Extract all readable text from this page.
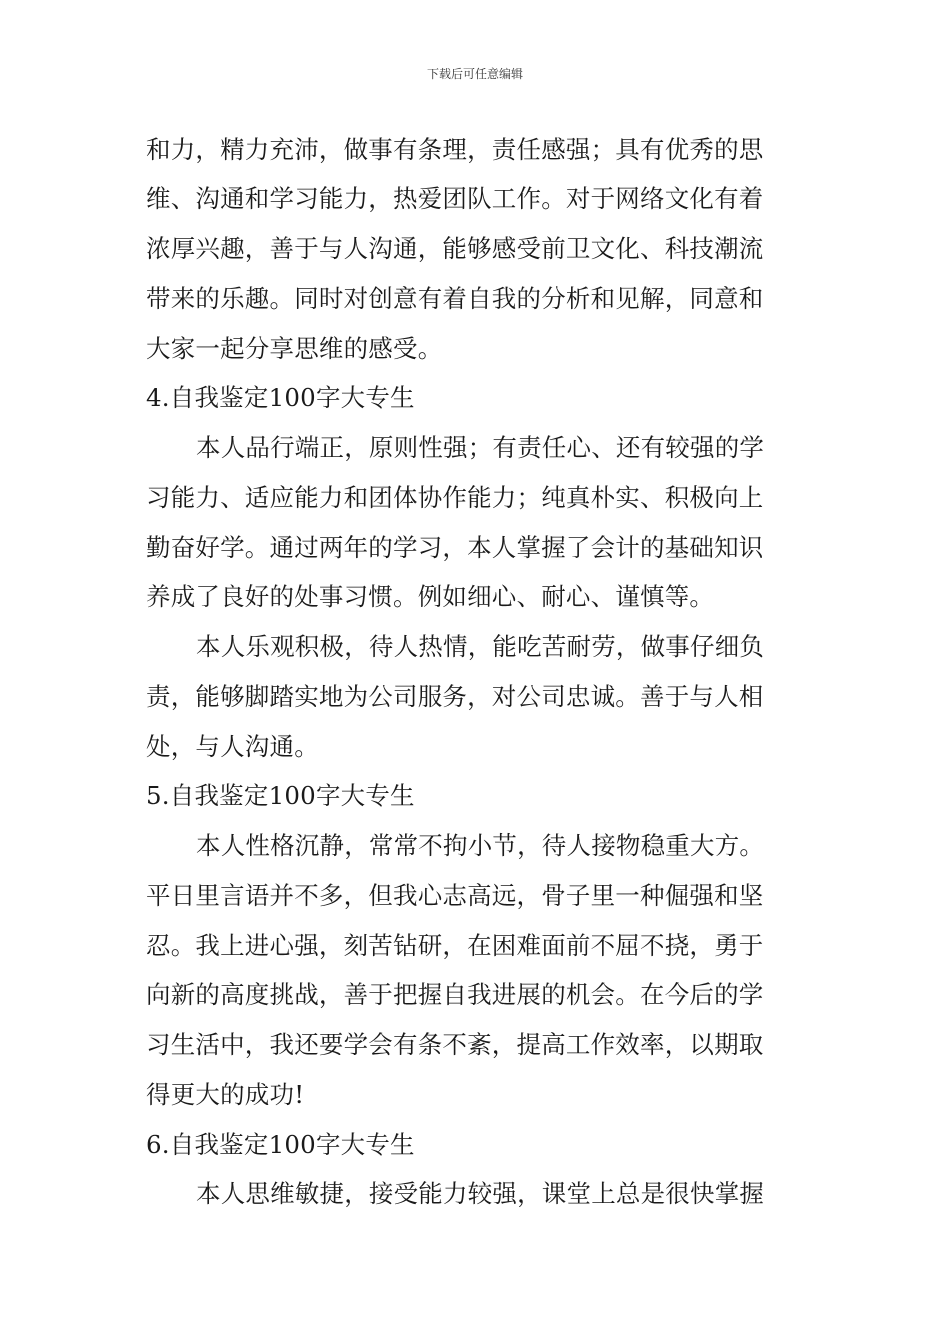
下载后可任意编辑
和力，精力充沛，做事有条理，责任感强；具有优秀的思
维、沟通和学习能力，热爱团队工作。对于网络文化有着
浓厚兴趣，善于与人沟通，能够感受前卫文化、科技潮流
带来的乐趣。同时对创意有着自我的分析和见解，同意和
大家一起分享思维的感受。
4.自我鉴定100字大专生
本人品行端正，原则性强；有责任心、还有较强的学
习能力、适应能力和团体协作能力；纯真朴实、积极向上
勤奋好学。通过两年的学习，本人掌握了会计的基础知识
养成了良好的处事习惯。例如细心、耐心、谨慎等。
本人乐观积极，待人热情，能吃苦耐劳，做事仔细负
责，能够脚踏实地为公司服务，对公司忠诚。善于与人相
处，与人沟通。
5.自我鉴定100字大专生
本人性格沉静，常常不拘小节，待人接物稳重大方。
平日里言语并不多，但我心志高远，骨子里一种倔强和坚
忍。我上进心强，刻苦钻研，在困难面前不屈不挠，勇于
向新的高度挑战，善于把握自我进展的机会。在今后的学
习生活中，我还要学会有条不紊，提高工作效率，以期取
得更大的成功!
6.自我鉴定100字大专生
本人思维敏捷，接受能力较强，课堂上总是很快掌握
